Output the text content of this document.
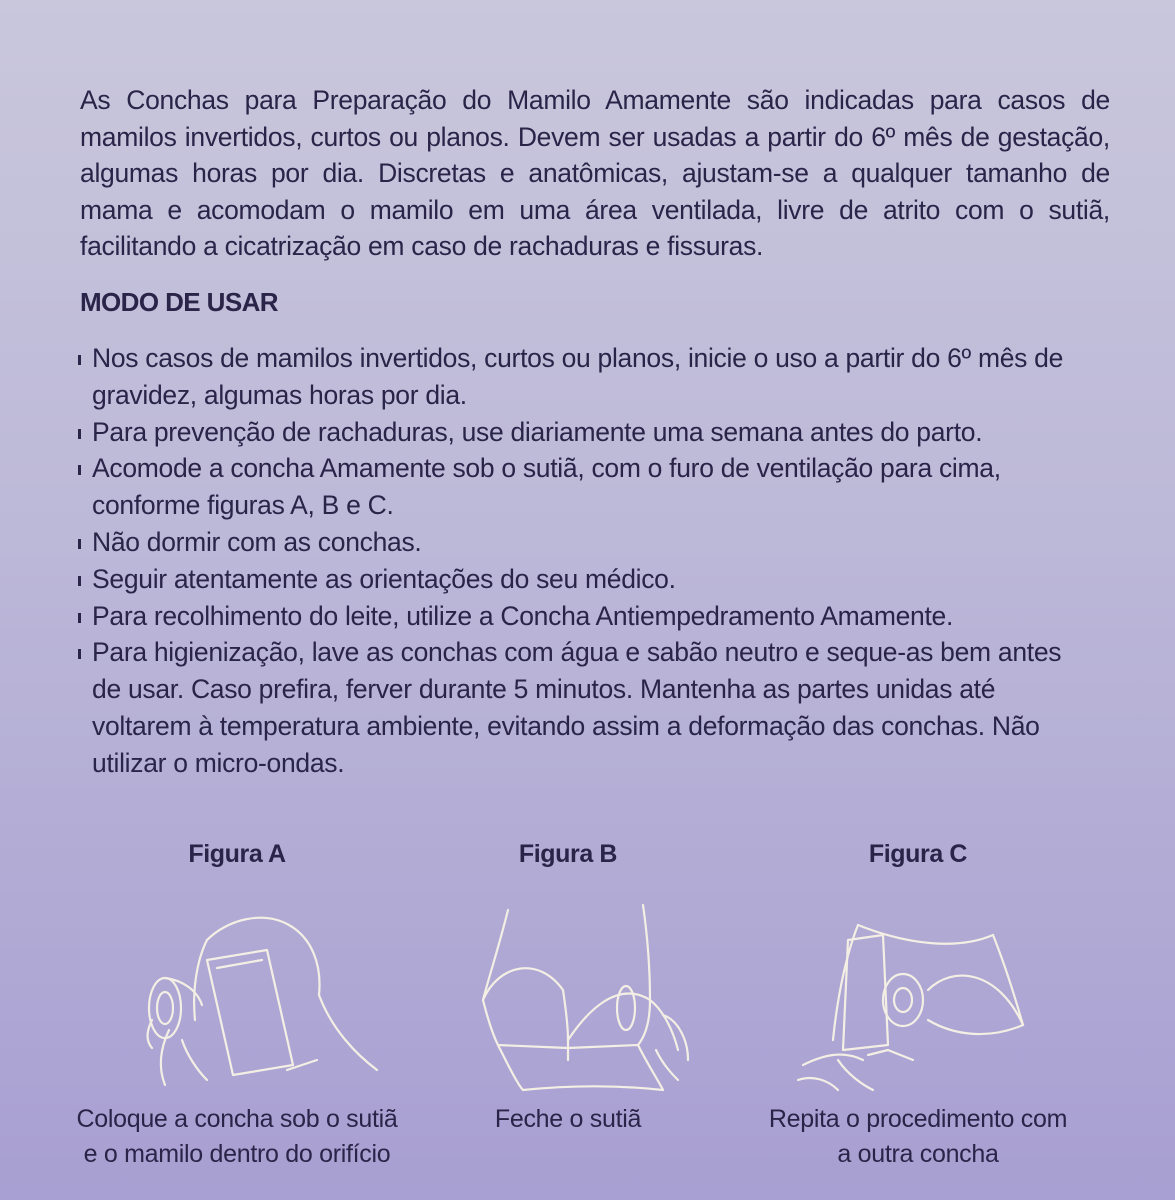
As Conchas para Preparação do Mamilo Amamente são indicadas para casos de mamilos invertidos, curtos ou planos. Devem ser usadas a partir do 6º mês de gestação, algumas horas por dia. Discretas e anatômicas, ajustam-se a qualquer tamanho de mama e acomodam o mamilo em uma área ventilada, livre de atrito com o sutiã, facilitando a cicatrização em caso de rachaduras e fissuras.

MODO DE USAR
Nos casos de mamilos invertidos, curtos ou planos, inicie o uso a partir do 6º mês de gravidez, algumas horas por dia.
Para prevenção de rachaduras, use diariamente uma semana antes do parto.
Acomode a concha Amamente sob o sutiã, com o furo de ventilação para cima, conforme figuras A, B e C.
Não dormir com as conchas.
Seguir atentamente as orientações do seu médico.
Para recolhimento do leite, utilize a Concha Antiempedramento Amamente.
Para higienização, lave as conchas com água e sabão neutro e seque-as bem antes de usar. Caso prefira, ferver durante 5 minutos. Mantenha as partes unidas até voltarem à temperatura ambiente, evitando assim a deformação das conchas. Não utilizar o micro-ondas.
Figura A
Coloque a concha sob o sutiã
e o mamilo dentro do orifício
Figura B
Feche o sutiã
Figura C
Repita o procedimento com
a outra concha
